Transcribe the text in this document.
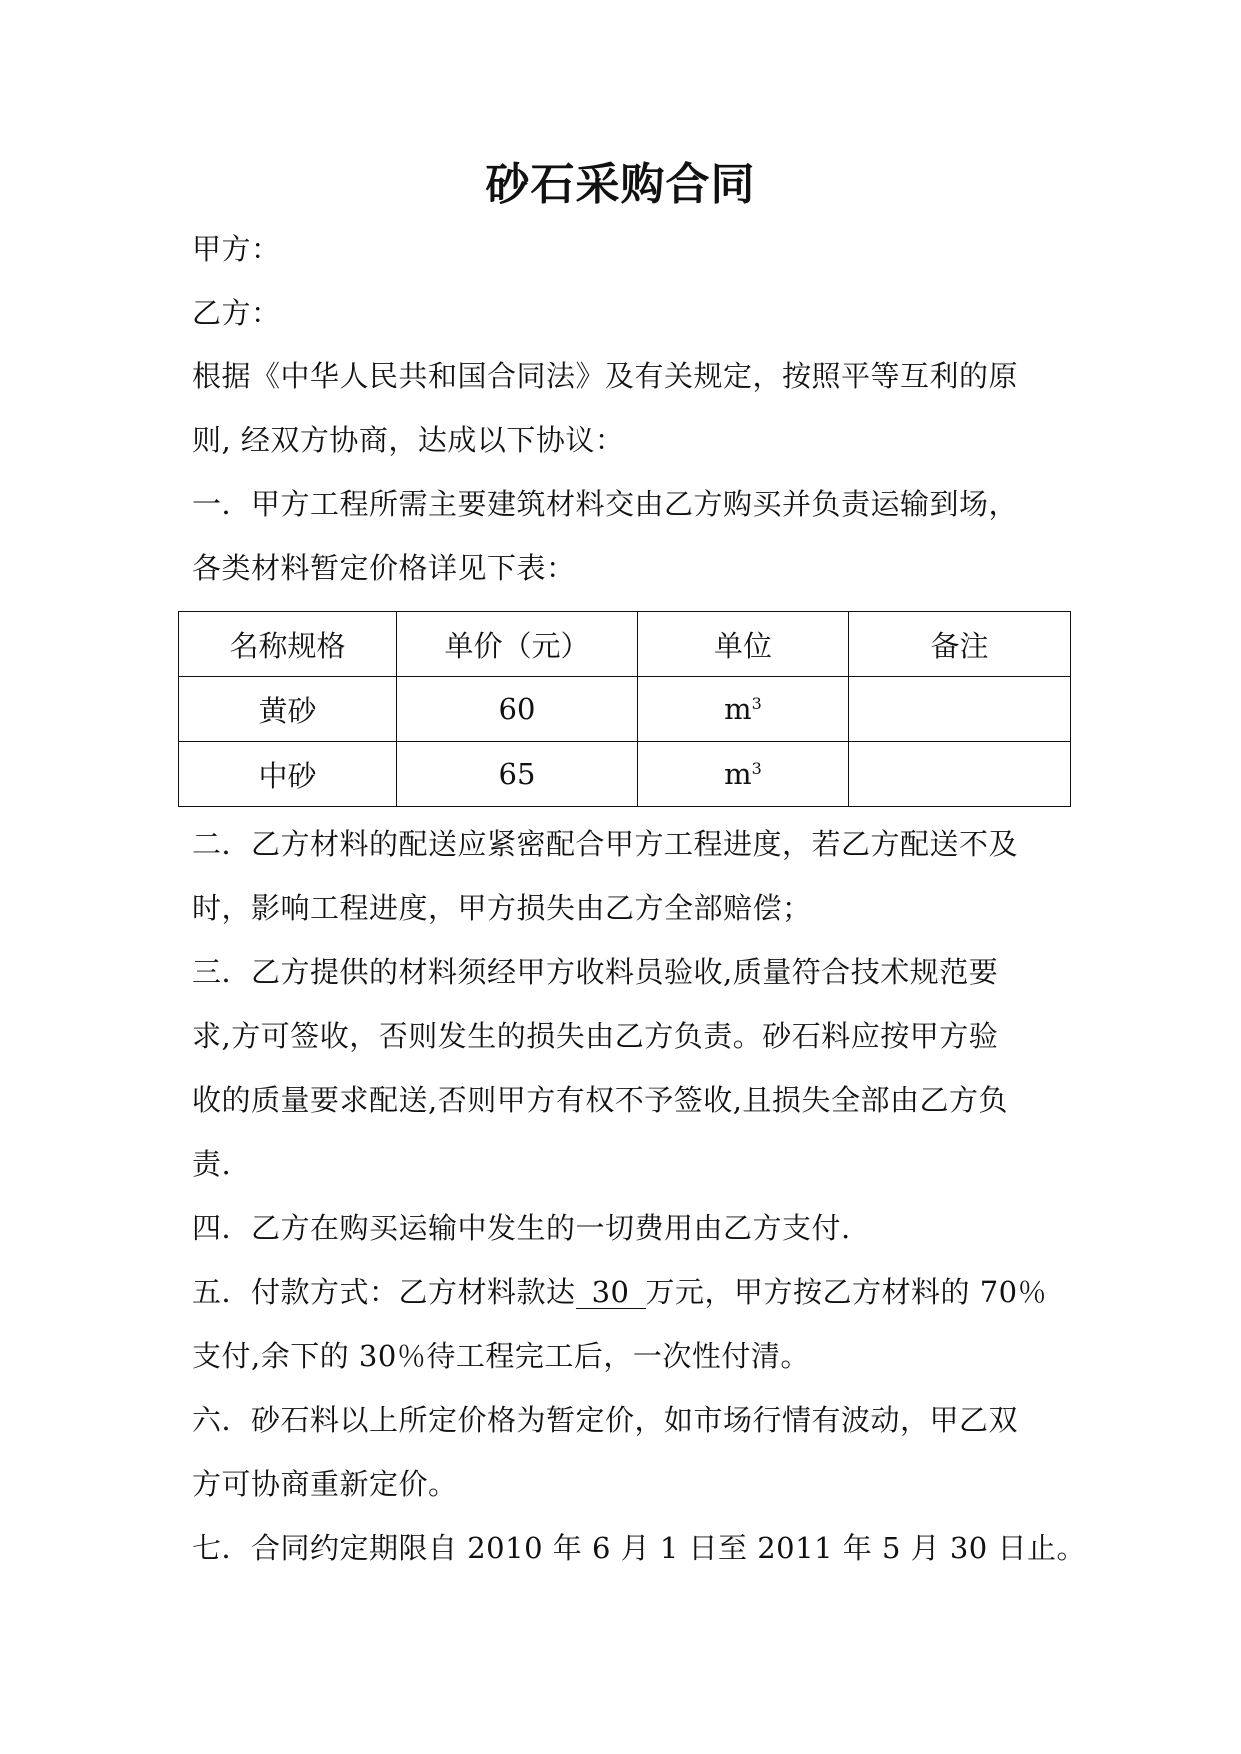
砂石采购合同
甲方：
乙方：
根据《中华人民共和国合同法》及有关规定，按照平等互利的原
则, 经双方协商，达成以下协议：
一．甲方工程所需主要建筑材料交由乙方购买并负责运输到场，
各类材料暂定价格详见下表：
名称规格	单价（元）	单位	备注
黄砂	60	$m^3$	
中砂	65	$m^3$	
二．乙方材料的配送应紧密配合甲方工程进度，若乙方配送不及
时，影响工程进度，甲方损失由乙方全部赔偿；
三．乙方提供的材料须经甲方收料员验收,质量符合技术规范要
求,方可签收，否则发生的损失由乙方负责。砂石料应按甲方验
收的质量要求配送,否则甲方有权不予签收,且损失全部由乙方负
责.
四．乙方在购买运输中发生的一切费用由乙方支付.
五．付款方式：乙方材料款达 30 万元，甲方按乙方材料的 70％
支付,余下的 30％待工程完工后，一次性付清。
六．砂石料以上所定价格为暂定价，如市场行情有波动，甲乙双
方可协商重新定价。
七．合同约定期限自 2010 年 6 月 1 日至 2011 年 5 月 30 日止。
